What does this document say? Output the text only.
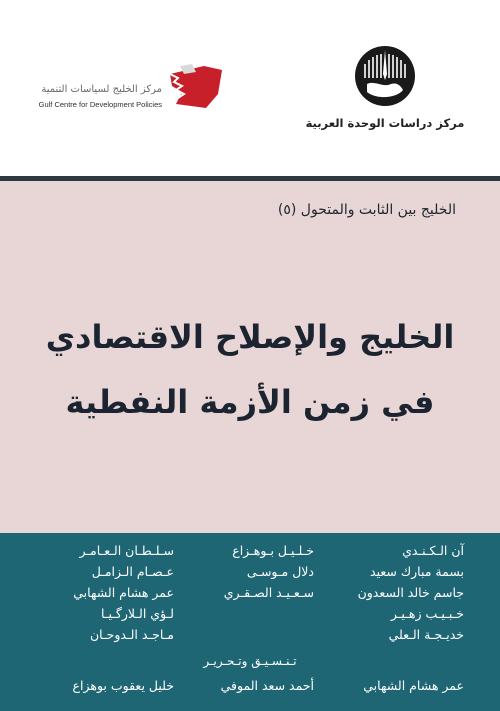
مركز الخليج لسياسات التنمية
Gulf Centre for Development Policies
مركز دراسات الوحدة العربية
الخليج بين الثابت والمتحول (٥)
الخليج والإصلاح الاقتصادي
في زمن الأزمة النفطية
آن الـكـنـدي
بسمة مبارك سعيد
جاسم خالد السعدون
خـبـيـب زهـيـر
خديـجـة الـعلي
خـلـيـل بـوهـزاع
دلال مـوسـى
سـعـيـد الصـقـري
سـلـطـان الـعـامـر
عـصـام الـزامـل
عمر هشام الشهابي
لـؤي الـلارگـيـا
مـاجـد الـدوحـان
تـنـسـيـق وتـحـريـر
عمر هشام الشهابي
أحمد سعد الموفي
خليل يعقوب بوهزاع
